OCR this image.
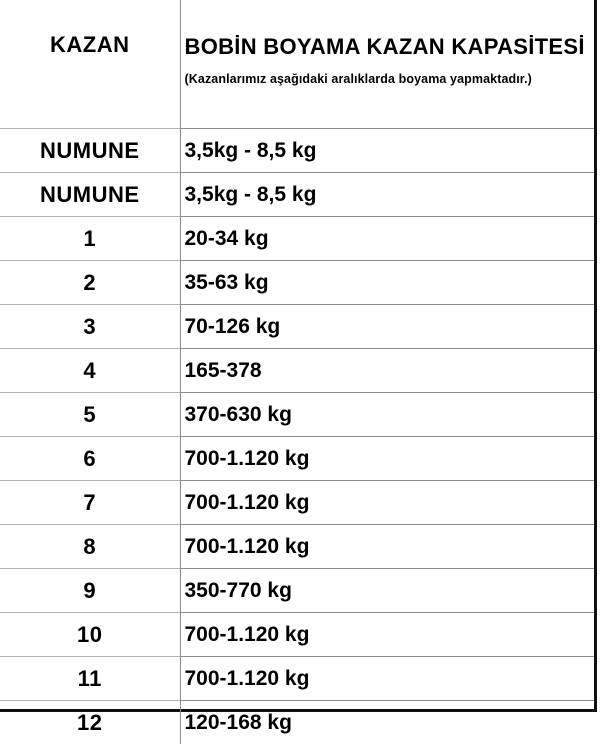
KAZAN	BOBİN BOYAMA KAZAN KAPASİTESİ
(Kazanlarımız aşağıdaki aralıklarda boyama yapmaktadır.)

NUMUNE	3,5kg - 8,5 kg
NUMUNE	3,5kg - 8,5 kg
1	20-34 kg
2	35-63 kg
3	70-126 kg
4	165-378
5	370-630 kg
6	700-1.120 kg
7	700-1.120 kg
8	700-1.120 kg
9	350-770 kg
10	700-1.120 kg
11	700-1.120 kg
12	120-168 kg
